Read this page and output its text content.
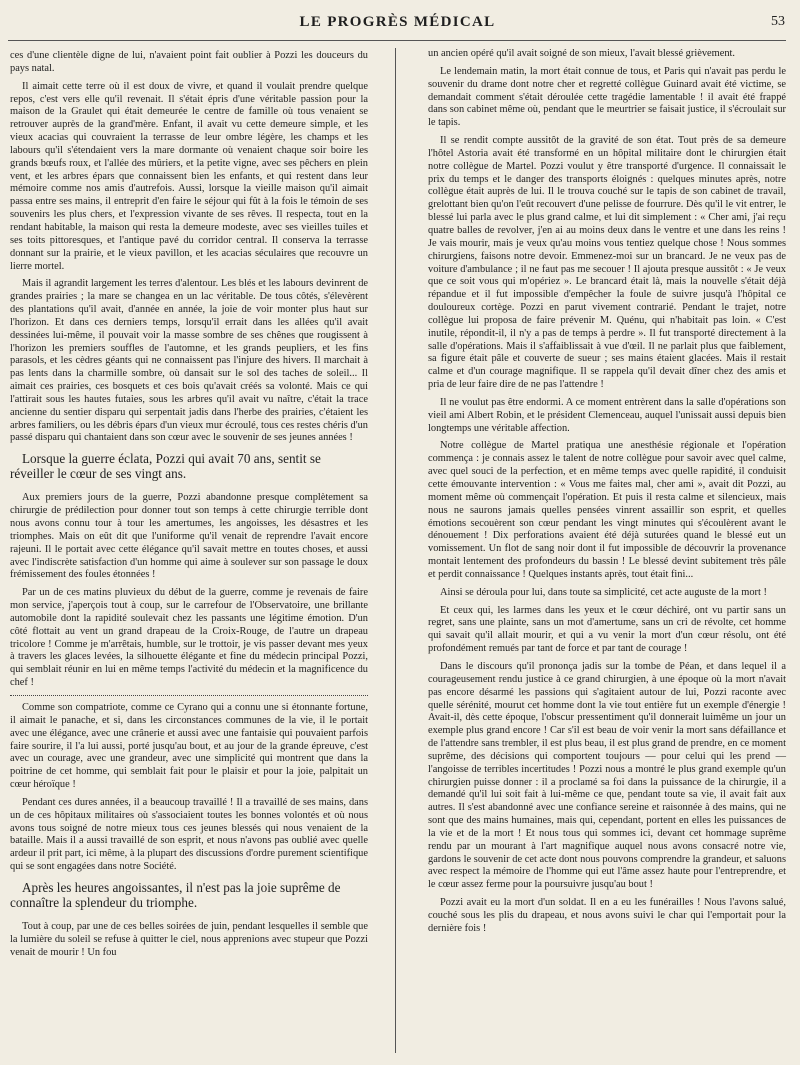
LE PROGRÈS MÉDICAL	53

ces d'une clientèle digne de lui, n'avaient point fait oublier à Pozzi les douceurs du pays natal.

Il aimait cette terre où il est doux de vivre, et quand il voulait prendre quelque repos, c'est vers elle qu'il revenait. Il s'était épris d'une véritable passion pour la maison de la Graulet qui était demeurée le centre de famille où tous venaient se retrouver auprès de la grand'mère. Enfant, il avait vu cette demeure simple, et les vieux acacias qui couvraient la terrasse de leur ombre légère, les champs et les labours qu'il s'étendaient vers la mare dormante où venaient chaque soir boire les grands bœufs roux, et l'allée des mûriers, et la petite vigne, avec ses pêchers en plein vent, et les arbres épars que connaissent bien les enfants, et qui restent dans leur mémoire comme nos amis d'autrefois. Aussi, lorsque la vieille maison qu'il aimait passa entre ses mains, il entreprit d'en faire le séjour qui fût à la fois le témoin de ses souvenirs les plus chers, et l'expression vivante de ses rêves. Il respecta, tout en la rendant habitable, la maison qui resta la demeure modeste, avec ses vieilles tuiles et ses toits pittoresques, et l'antique pavé du corridor central. Il conserva la terrasse donnant sur la prairie, et le vieux pavillon, et les acacias séculaires que recouvre un lierre mortel.

Mais il agrandit largement les terres d'alentour. Les blés et les labours devinrent de grandes prairies ; la mare se changea en un lac véritable. De tous côtés, s'élevèrent des plantations qu'il avait, d'année en année, la joie de voir monter plus haut sur l'horizon. Et dans ces derniers temps, lorsqu'il errait dans les allées qu'il avait dessinées lui-même, il pouvait voir la masse sombre de ses chênes que rougissent à l'horizon les premiers souffles de l'automne, et les grands peupliers, et les fins parasols, et les cèdres géants qui ne connaissent pas l'injure des hivers. Il marchait à pas lents dans la charmille sombre, où dansait sur le sol des taches de soleil... Il aimait ces prairies, ces bosquets et ces bois qu'avait créés sa volonté. Mais ce qui l'attirait sous les hautes futaies, sous les arbres qu'il avait vu naître, c'était la trace ancienne du sentier disparu qui serpentait jadis dans l'herbe des prairies, c'étaient les arbres familiers, ou les débris épars d'un vieux mur écroulé, tous ces restes chéris d'un passé disparu qui chantaient dans son cœur avec le souvenir de ses jeunes années !

Lorsque la guerre éclata, Pozzi qui avait 70 ans, sentit se réveiller le cœur de ses vingt ans.

Aux premiers jours de la guerre, Pozzi abandonne presque complètement sa chirurgie de prédilection pour donner tout son temps à cette chirurgie terrible dont nous avons connu tour à tour les amertumes, les angoisses, les désastres et les triomphes. Mais on eût dit que l'uniforme qu'il venait de reprendre l'avait encore rajeuni. Il le portait avec cette élégance qu'il savait mettre en toutes choses, et aussi avec l'indiscrète satisfaction d'un homme qui aime à soulever sur son passage le doux frémissement des foules étonnées !

Par un de ces matins pluvieux du début de la guerre, comme je revenais de faire mon service, j'aperçois tout à coup, sur le carrefour de l'Observatoire, une brillante automobile dont la rapidité soulevait chez les passants une légitime émotion. D'un côté flottait au vent un grand drapeau de la Croix-Rouge, de l'autre un drapeau tricolore ! Comme je m'arrêtais, humble, sur le trottoir, je vis passer devant mes yeux à travers les glaces levées, la silhouette élégante et fine du médecin principal Pozzi, qui semblait réunir en lui en même temps l'activité du médecin et la magnificence du chef !

Comme son compatriote, comme ce Cyrano qui a connu une si étonnante fortune, il aimait le panache, et si, dans les circonstances communes de la vie, il le portait avec une élégance, avec une crânerie et aussi avec une fantaisie qui pouvaient parfois faire sourire, il l'a lui aussi, porté jusqu'au bout, et au jour de la grande épreuve, c'est avec un courage, avec une grandeur, avec une simplicité qui montrent que dans la poitrine de cet homme, qui semblait fait pour le plaisir et pour la joie, palpitait un cœur héroïque !

Pendant ces dures années, il a beaucoup travaillé ! Il a travaillé de ses mains, dans un de ces hôpitaux militaires où s'associaient toutes les bonnes volontés et où nous avons tous soigné de notre mieux tous ces jeunes blessés qui nous venaient de la bataille. Mais il a aussi travaillé de son esprit, et nous n'avons pas oublié avec quelle ardeur il prit part, ici même, à la plupart des discussions d'ordre purement scientifique qui se sont engagées dans notre Société.

Après les heures angoissantes, il n'est pas la joie suprême de connaître la splendeur du triomphe.

Tout à coup, par une de ces belles soirées de juin, pendant lesquelles il semble que la lumière du soleil se refuse à quitter le ciel, nous apprenions avec stupeur que Pozzi venait de mourir ! Un fou

un ancien opéré qu'il avait soigné de son mieux, l'avait blessé grièvement.

Le lendemain matin, la mort était connue de tous, et Paris qui n'avait pas perdu le souvenir du drame dont notre cher et regretté collègue Guinard avait été victime, se demandait comment s'était déroulée cette tragédie lamentable ! il avait été frappé dans son cabinet même où, pendant que le meurtrier se faisait justice, il s'écroulait sur le tapis.

Il se rendit compte aussitôt de la gravité de son état. Tout près de sa demeure l'hôtel Astoria avait été transformé en un hôpital militaire dont le chirurgien était notre collègue de Martel. Pozzi voulut y être transporté d'urgence. Il connaissait le prix du temps et le danger des transports éloignés : quelques minutes après, notre collègue était auprès de lui. Il le trouva couché sur le tapis de son cabinet de travail, grelottant bien qu'on l'eût recouvert d'une pelisse de fourrure. Dès qu'il le vit entrer, le blessé lui parla avec le plus grand calme, et lui dit simplement : « Cher ami, j'ai reçu quatre balles de revolver, j'en ai au moins deux dans le ventre et une dans les reins ! Je vais mourir, mais je veux qu'au moins vous tentiez quelque chose ! Nous sommes chirurgiens, faisons notre devoir. Emmenez-moi sur un brancard. Je ne veux pas de voiture d'ambulance ; il ne faut pas me secouer ! Il ajouta presque aussitôt : « Je veux que ce soit vous qui m'opériez ». Le brancard était là, mais la nouvelle s'était déjà répandue et il fut impossible d'empêcher la foule de suivre jusqu'à l'hôpital ce douloureux cortège. Pozzi en parut vivement contrarié. Pendant le trajet, notre collègue lui proposa de faire prévenir M. Quénu, qui n'habitait pas loin. « C'est inutile, répondit-il, il n'y a pas de temps à perdre ». Il fut transporté directement à la salle d'opérations. Mais il s'affaiblissait à vue d'œil. Il ne parlait plus que faiblement, sa figure était pâle et couverte de sueur ; ses mains étaient glacées. Mais il restait calme et d'un courage magnifique. Il se rappela qu'il devait dîner chez des amis et pria de leur faire dire de ne pas l'attendre !

Il ne voulut pas être endormi. A ce moment entrèrent dans la salle d'opérations son vieil ami Albert Robin, et le président Clemenceau, auquel l'unissait aussi depuis bien longtemps une véritable affection.

Notre collègue de Martel pratiqua une anesthésie régionale et l'opération commença : je connais assez le talent de notre collègue pour savoir avec quel calme, avec quel souci de la perfection, et en même temps avec quelle rapidité, il conduisit cette émouvante intervention : « Vous me faites mal, cher ami », avait dit Pozzi, au moment même où commençait l'opération. Et puis il resta calme et silencieux, mais nous ne saurons jamais quelles pensées vinrent assaillir son esprit, et quelles émotions secouèrent son cœur pendant les vingt minutes qui s'écoulèrent avant le dénouement ! Dix perforations avaient été déjà suturées quand le blessé eut un vomissement. Un flot de sang noir dont il fut impossible de découvrir la provenance montait lentement des profondeurs du bassin ! Le blessé devint subitement très pâle et perdit connaissance ! Quelques instants après, tout était fini...

Ainsi se déroula pour lui, dans toute sa simplicité, cet acte auguste de la mort !

Et ceux qui, les larmes dans les yeux et le cœur déchiré, ont vu partir sans un regret, sans une plainte, sans un mot d'amertume, sans un cri de révolte, cet homme qui savait qu'il allait mourir, et qui a vu venir la mort d'un cœur résolu, ont été profondément remués par tant de force et par tant de courage !

Dans le discours qu'il prononça jadis sur la tombe de Péan, et dans lequel il a courageusement rendu justice à ce grand chirurgien, à une époque où la mort n'avait pas encore désarmé les passions qui s'agitaient autour de lui, Pozzi raconte avec quelle sérénité, mourut cet homme dont la vie tout entière fut un exemple d'énergie ! Avait-il, dès cette époque, l'obscur pressentiment qu'il donnerait luimême un jour un exemple plus grand encore ! Car s'il est beau de voir venir la mort sans défaillance et de l'attendre sans trembler, il est plus beau, il est plus grand de prendre, en ce moment suprême, des décisions qui comportent toujours — pour celui qui les prend — l'angoisse de terribles incertitudes ! Pozzi nous a montré le plus grand exemple qu'un chirurgien puisse donner : il a proclamé sa foi dans la puissance de la chirurgie, il a demandé qu'il lui soit fait à lui-même ce que, pendant toute sa vie, il avait fait aux autres. Il s'est abandonné avec une confiance sereine et raisonnée à des mains, qui ne sont que des mains humaines, mais qui, cependant, portent en elles les puissances de la vie et de la mort ! Et nous tous qui sommes ici, devant cet hommage suprême rendu par un mourant à l'art magnifique auquel nous avons consacré notre vie, gardons le souvenir de cet acte dont nous pouvons comprendre la grandeur, et saluons avec respect la mémoire de l'homme qui eut l'âme assez haute pour l'entreprendre, et le cœur assez ferme pour la poursuivre jusqu'au bout !

Pozzi avait eu la mort d'un soldat. Il en a eu les funérailles ! Nous l'avons salué, couché sous les plis du drapeau, et nous avons suivi le char qui l'emportait pour la dernière fois !
